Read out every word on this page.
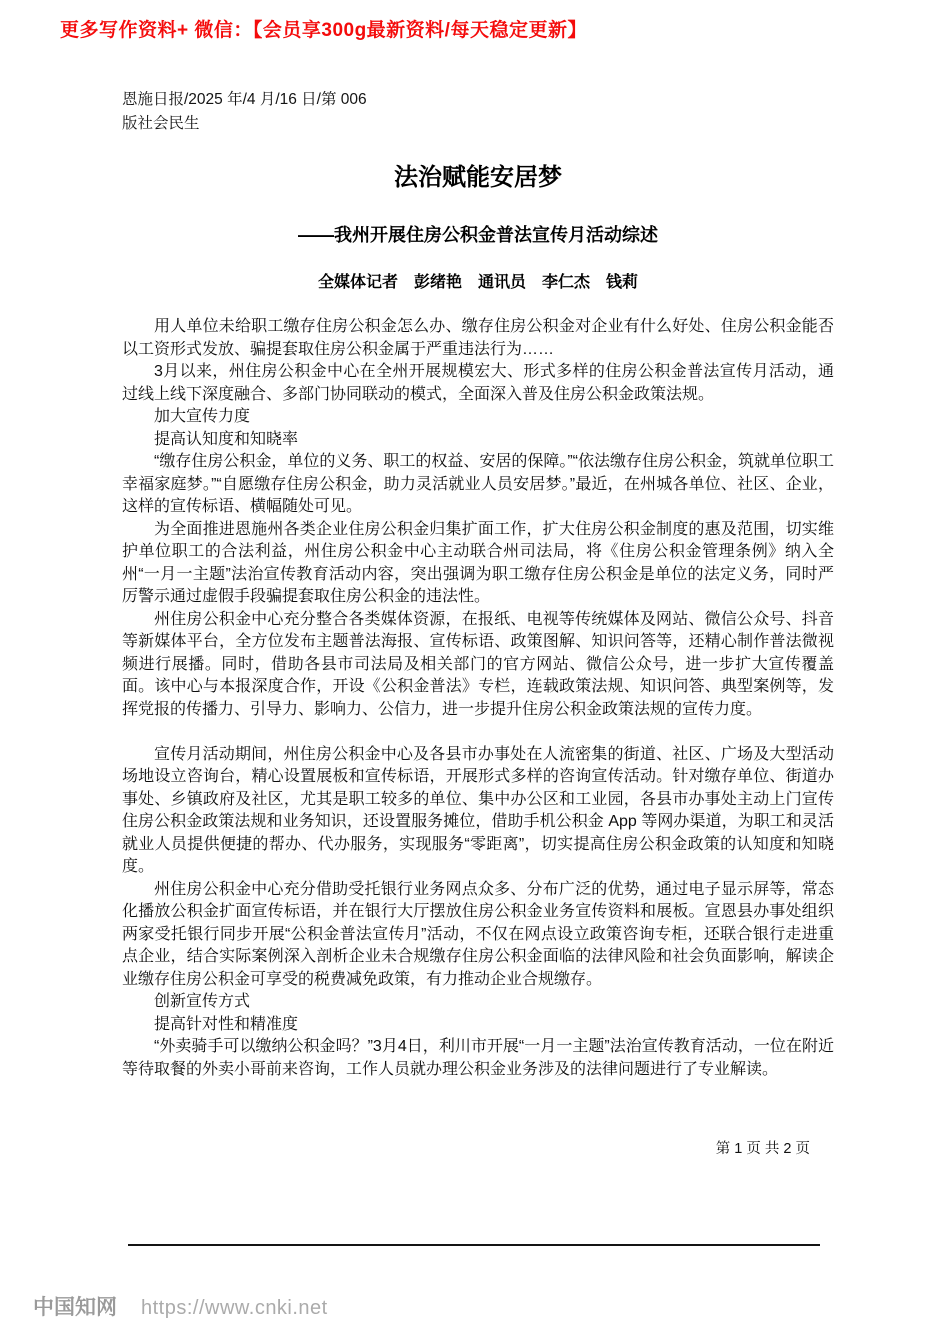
更多写作资料+ 微信：【会员享300g最新资料/每天稳定更新】
恩施日报/2025 年/4 月/16 日/第 006
版社会民生
法治赋能安居梦
——我州开展住房公积金普法宣传月活动综述
全媒体记者　彭绪艳　通讯员　李仁杰　钱莉

用人单位未给职工缴存住房公积金怎么办、缴存住房公积金对企业有什么好处、住房公积金能否以工资形式发放、骗提套取住房公积金属于严重违法行为……

3月以来，州住房公积金中心在全州开展规模宏大、形式多样的住房公积金普法宣传月活动，通过线上线下深度融合、多部门协同联动的模式，全面深入普及住房公积金政策法规。

加大宣传力度

提高认知度和知晓率

“缴存住房公积金，单位的义务、职工的权益、安居的保障。”“依法缴存住房公积金，筑就单位职工幸福家庭梦。”“自愿缴存住房公积金，助力灵活就业人员安居梦。”最近，在州城各单位、社区、企业，这样的宣传标语、横幅随处可见。

为全面推进恩施州各类企业住房公积金归集扩面工作，扩大住房公积金制度的惠及范围，切实维护单位职工的合法利益，州住房公积金中心主动联合州司法局，将《住房公积金管理条例》纳入全州“一月一主题”法治宣传教育活动内容，突出强调为职工缴存住房公积金是单位的法定义务，同时严厉警示通过虚假手段骗提套取住房公积金的违法性。

州住房公积金中心充分整合各类媒体资源，在报纸、电视等传统媒体及网站、微信公众号、抖音等新媒体平台，全方位发布主题普法海报、宣传标语、政策图解、知识问答等，还精心制作普法微视频进行展播。同时，借助各县市司法局及相关部门的官方网站、微信公众号，进一步扩大宣传覆盖面。该中心与本报深度合作，开设《公积金普法》专栏，连载政策法规、知识问答、典型案例等，发挥党报的传播力、引导力、影响力、公信力，进一步提升住房公积金政策法规的宣传力度。

宣传月活动期间，州住房公积金中心及各县市办事处在人流密集的街道、社区、广场及大型活动场地设立咨询台，精心设置展板和宣传标语，开展形式多样的咨询宣传活动。针对缴存单位、街道办事处、乡镇政府及社区，尤其是职工较多的单位、集中办公区和工业园，各县市办事处主动上门宣传住房公积金政策法规和业务知识，还设置服务摊位，借助手机公积金 App 等网办渠道，为职工和灵活就业人员提供便捷的帮办、代办服务，实现服务“零距离”，切实提高住房公积金政策的认知度和知晓度。

州住房公积金中心充分借助受托银行业务网点众多、分布广泛的优势，通过电子显示屏等，常态化播放公积金扩面宣传标语，并在银行大厅摆放住房公积金业务宣传资料和展板。宣恩县办事处组织两家受托银行同步开展“公积金普法宣传月”活动，不仅在网点设立政策咨询专柜，还联合银行走进重点企业，结合实际案例深入剖析企业未合规缴存住房公积金面临的法律风险和社会负面影响，解读企业缴存住房公积金可享受的税费减免政策，有力推动企业合规缴存。

创新宣传方式

提高针对性和精准度

“外卖骑手可以缴纳公积金吗？”3月4日，利川市开展“一月一主题”法治宣传教育活动，一位在附近等待取餐的外卖小哥前来咨询，工作人员就办理公积金业务涉及的法律问题进行了专业解读。

第 1 页 共 2 页
中国知网 https://www.cnki.net
